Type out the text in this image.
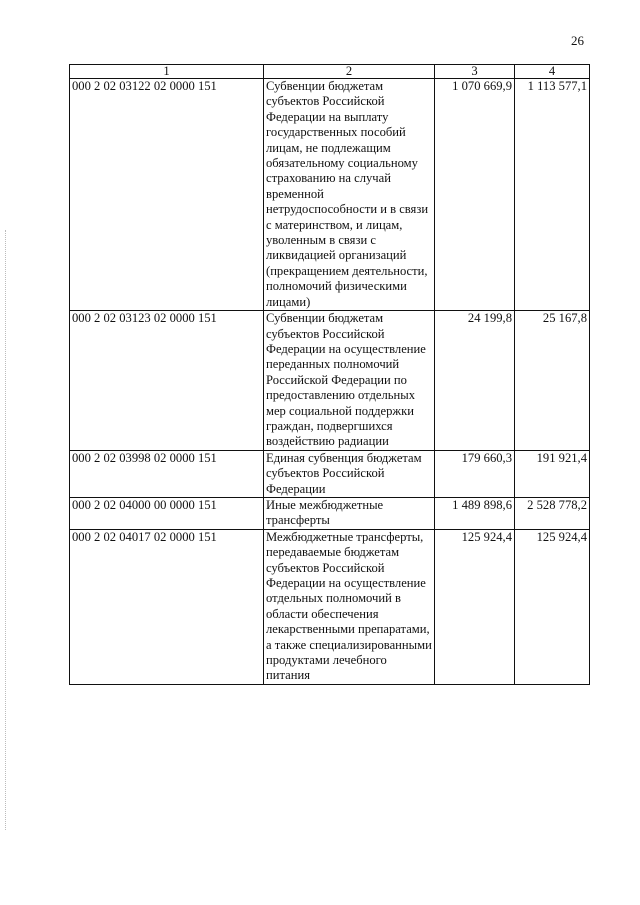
26
1	2	3	4
000 2 02 03122 02 0000 151	Субвенции бюджетам субъектов Российской Федерации на выплату государственных пособий лицам, не подлежащим обязательному социальному страхованию на случай временной нетрудоспособности и в связи с материнством, и лицам, уволенным в связи с ликвидацией организаций (прекращением деятельности, полномочий физическими лицами)	1 070 669,9	1 113 577,1
000 2 02 03123 02 0000 151	Субвенции бюджетам субъектов Российской Федерации на осуществление переданных полномочий Российской Федерации по предоставлению отдельных мер социальной поддержки граждан, подвергшихся воздействию радиации	24 199,8	25 167,8
000 2 02 03998 02 0000 151	Единая субвенция бюджетам субъектов Российской Федерации	179 660,3	191 921,4
000 2 02 04000 00 0000 151	Иные межбюджетные трансферты	1 489 898,6	2 528 778,2
000 2 02 04017 02 0000 151	Межбюджетные трансферты, передаваемые бюджетам субъектов Российской Федерации на осуществление отдельных полномочий в области обеспечения лекарственными препаратами, а также специализированными продуктами лечебного питания	125 924,4	125 924,4
